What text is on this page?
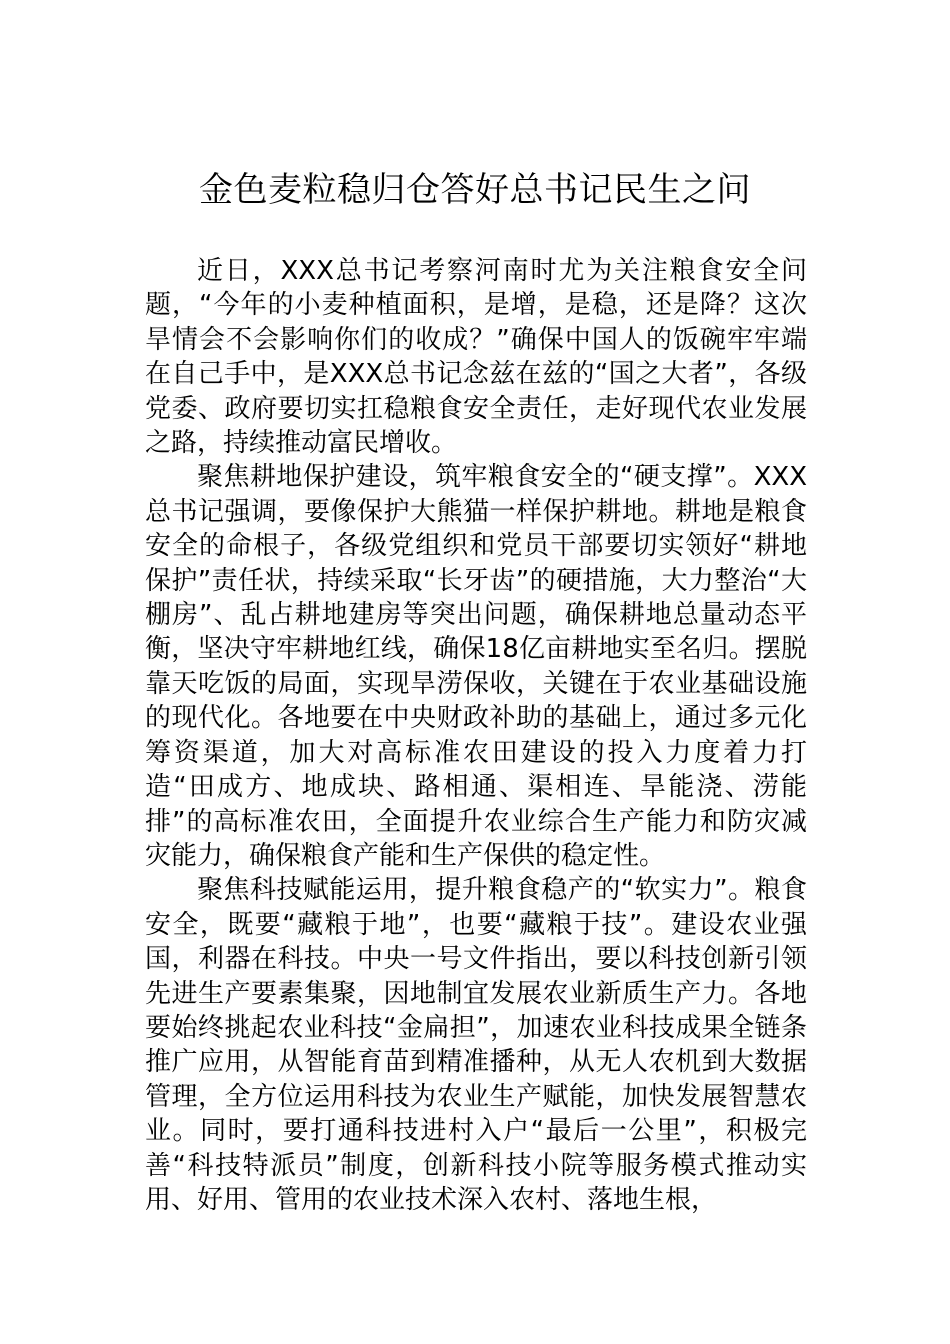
金色麦粒稳归仓答好总书记民生之问

近日，XXX总书记考察河南时尤为关注粮食安全问题，“今年的小麦种植面积，是增，是稳，还是降？这次旱情会不会影响你们的收成？”确保中国人的饭碗牢牢端在自己手中，是XXX总书记念兹在兹的“国之大者”，各级党委、政府要切实扛稳粮食安全责任，走好现代农业发展之路，持续推动富民增收。

聚焦耕地保护建设，筑牢粮食安全的“硬支撑”。XXX总书记强调，要像保护大熊猫一样保护耕地。耕地是粮食安全的命根子，各级党组织和党员干部要切实领好“耕地保护”责任状，持续采取“长牙齿”的硬措施，大力整治“大棚房”、乱占耕地建房等突出问题，确保耕地总量动态平衡，坚决守牢耕地红线，确保18亿亩耕地实至名归。摆脱靠天吃饭的局面，实现旱涝保收，关键在于农业基础设施的现代化。各地要在中央财政补助的基础上，通过多元化筹资渠道，加大对高标准农田建设的投入力度着力打造“田成方、地成块、路相通、渠相连、旱能浇、涝能排”的高标准农田，全面提升农业综合生产能力和防灾减灾能力，确保粮食产能和生产保供的稳定性。

聚焦科技赋能运用，提升粮食稳产的“软实力”。粮食安全，既要“藏粮于地”，也要“藏粮于技”。建设农业强国，利器在科技。中央一号文件指出，要以科技创新引领先进生产要素集聚，因地制宜发展农业新质生产力。各地要始终挑起农业科技“金扁担”，加速农业科技成果全链条推广应用，从智能育苗到精准播种，从无人农机到大数据管理，全方位运用科技为农业生产赋能，加快发展智慧农业。同时，要打通科技进村入户“最后一公里”，积极完善“科技特派员”制度，创新科技小院等服务模式推动实用、好用、管用的农业技术深入农村、落地生根，
